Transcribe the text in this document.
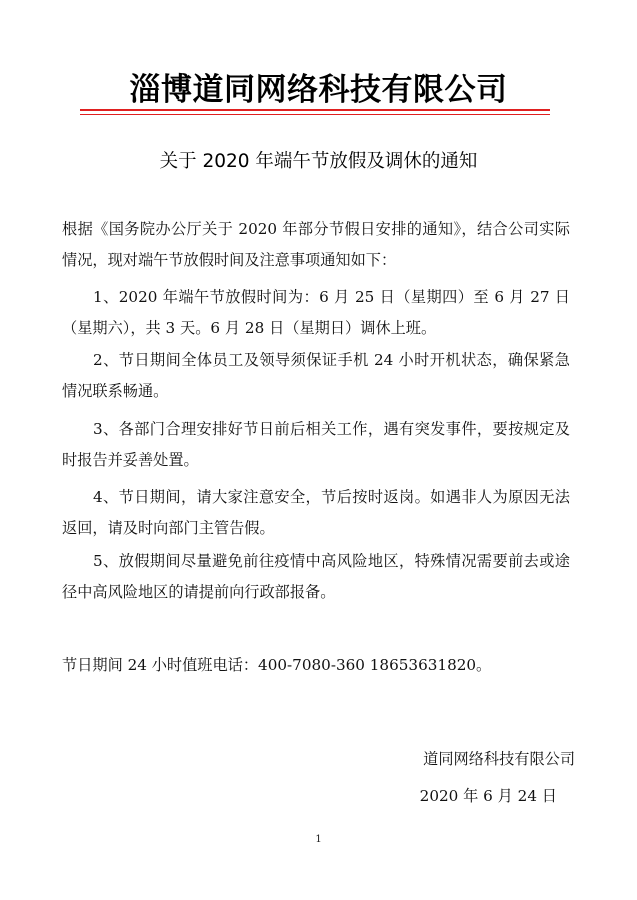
淄博道同网络科技有限公司
关于 2020 年端午节放假及调休的通知
根据《国务院办公厅关于 2020 年部分节假日安排的通知》，结合公司实际情况，现对端午节放假时间及注意事项通知如下：
1、2020 年端午节放假时间为：6 月 25 日（星期四）至 6 月 27 日（星期六），共 3 天。6 月 28 日（星期日）调休上班。
2、节日期间全体员工及领导须保证手机 24 小时开机状态，确保紧急情况联系畅通。
3、各部门合理安排好节日前后相关工作，遇有突发事件，要按规定及时报告并妥善处置。
4、节日期间，请大家注意安全，节后按时返岗。如遇非人为原因无法返回，请及时向部门主管告假。
5、放假期间尽量避免前往疫情中高风险地区，特殊情况需要前去或途径中高风险地区的请提前向行政部报备。
节日期间 24 小时值班电话：400-7080-360 18653631820。
道同网络科技有限公司
2020 年 6 月 24 日
1
